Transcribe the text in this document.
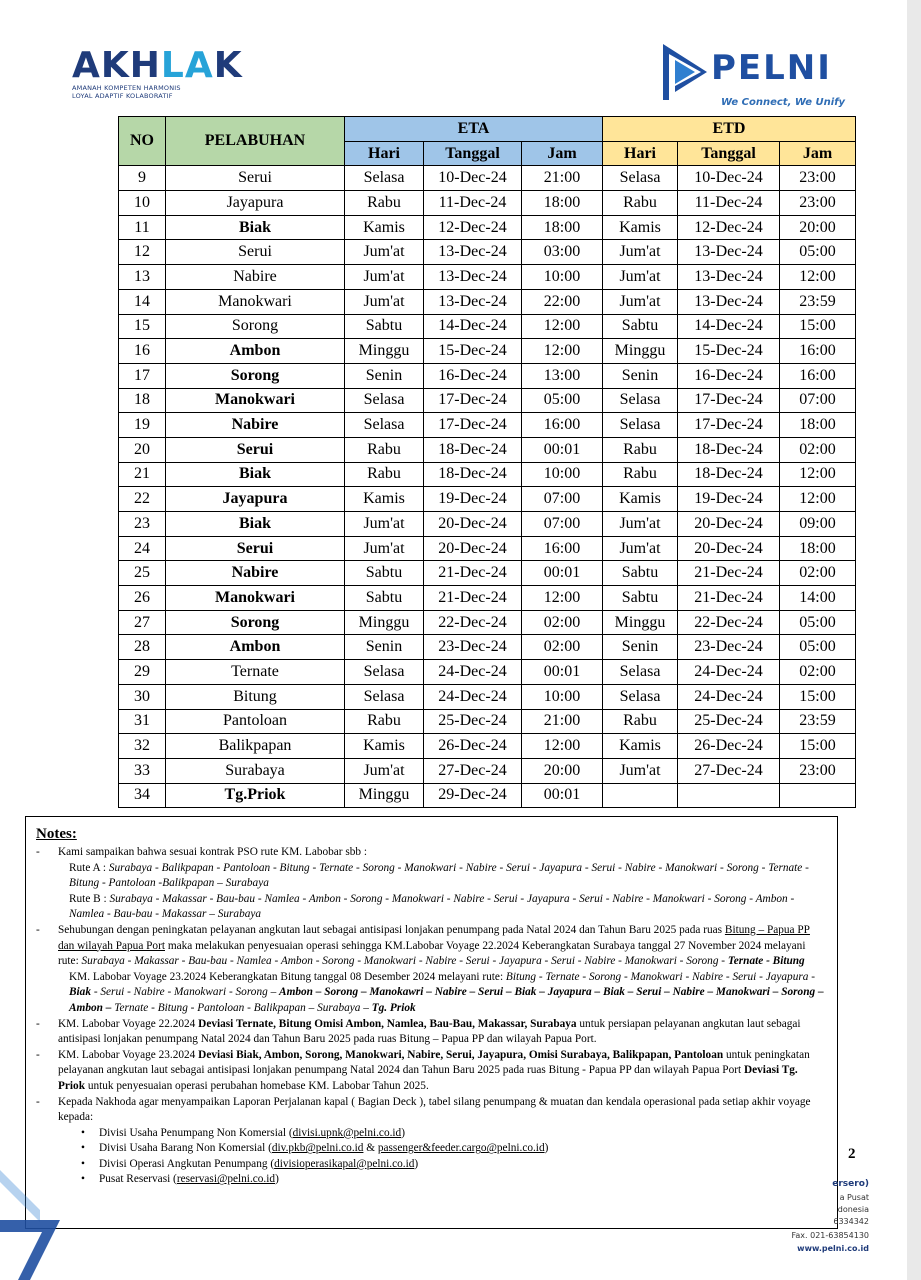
AKHLAK
AMANAH KOMPETEN HARMONIS
LOYAL ADAPTIF KOLABORATIF
PELNI
We Connect, We Unify
NO	PELABUHAN	ETA			ETD		
		Hari	Tanggal	Jam	Hari	Tanggal	Jam
9	Serui	Selasa	10-Dec-24	21:00	Selasa	10-Dec-24	23:00
10	Jayapura	Rabu	11-Dec-24	18:00	Rabu	11-Dec-24	23:00
11	Biak	Kamis	12-Dec-24	18:00	Kamis	12-Dec-24	20:00
12	Serui	Jum'at	13-Dec-24	03:00	Jum'at	13-Dec-24	05:00
13	Nabire	Jum'at	13-Dec-24	10:00	Jum'at	13-Dec-24	12:00
14	Manokwari	Jum'at	13-Dec-24	22:00	Jum'at	13-Dec-24	23:59
15	Sorong	Sabtu	14-Dec-24	12:00	Sabtu	14-Dec-24	15:00
16	Ambon	Minggu	15-Dec-24	12:00	Minggu	15-Dec-24	16:00
17	Sorong	Senin	16-Dec-24	13:00	Senin	16-Dec-24	16:00
18	Manokwari	Selasa	17-Dec-24	05:00	Selasa	17-Dec-24	07:00
19	Nabire	Selasa	17-Dec-24	16:00	Selasa	17-Dec-24	18:00
20	Serui	Rabu	18-Dec-24	00:01	Rabu	18-Dec-24	02:00
21	Biak	Rabu	18-Dec-24	10:00	Rabu	18-Dec-24	12:00
22	Jayapura	Kamis	19-Dec-24	07:00	Kamis	19-Dec-24	12:00
23	Biak	Jum'at	20-Dec-24	07:00	Jum'at	20-Dec-24	09:00
24	Serui	Jum'at	20-Dec-24	16:00	Jum'at	20-Dec-24	18:00
25	Nabire	Sabtu	21-Dec-24	00:01	Sabtu	21-Dec-24	02:00
26	Manokwari	Sabtu	21-Dec-24	12:00	Sabtu	21-Dec-24	14:00
27	Sorong	Minggu	22-Dec-24	02:00	Minggu	22-Dec-24	05:00
28	Ambon	Senin	23-Dec-24	02:00	Senin	23-Dec-24	05:00
29	Ternate	Selasa	24-Dec-24	00:01	Selasa	24-Dec-24	02:00
30	Bitung	Selasa	24-Dec-24	10:00	Selasa	24-Dec-24	15:00
31	Pantoloan	Rabu	25-Dec-24	21:00	Rabu	25-Dec-24	23:59
32	Balikpapan	Kamis	26-Dec-24	12:00	Kamis	26-Dec-24	15:00
33	Surabaya	Jum'at	27-Dec-24	20:00	Jum'at	27-Dec-24	23:00
34	Tg.Priok	Minggu	29-Dec-24	00:01			
Notes:
- Kami sampaikan bahwa sesuai kontrak PSO rute KM. Labobar sbb :
Rute A : Surabaya - Balikpapan - Pantoloan - Bitung - Ternate - Sorong - Manokwari - Nabire - Serui - Jayapura - Serui - Nabire - Manokwari - Sorong - Ternate - Bitung - Pantoloan -Balikpapan – Surabaya
Rute B : Surabaya - Makassar - Bau-bau - Namlea - Ambon - Sorong - Manokwari - Nabire - Serui - Jayapura - Serui - Nabire - Manokwari - Sorong - Ambon - Namlea - Bau-bau - Makassar – Surabaya
- Sehubungan dengan peningkatan pelayanan angkutan laut sebagai antisipasi lonjakan penumpang pada Natal 2024 dan Tahun Baru 2025 pada ruas Bitung – Papua PP dan wilayah Papua Port maka melakukan penyesuaian operasi sehingga KM.Labobar Voyage 22.2024 Keberangkatan Surabaya tanggal 27 November 2024 melayani rute: Surabaya - Makassar - Bau-bau - Namlea - Ambon - Sorong - Manokwari - Nabire - Serui - Jayapura - Serui - Nabire - Manokwari - Sorong - Ternate - Bitung
KM. Labobar Voyage 23.2024 Keberangkatan Bitung tanggal 08 Desember 2024 melayani rute: Bitung - Ternate - Sorong - Manokwari - Nabire - Serui - Jayapura - Biak - Serui - Nabire - Manokwari - Sorong – Ambon – Sorong – Manokawri – Nabire – Serui – Biak – Jayapura – Biak – Serui – Nabire – Manokwari – Sorong – Ambon – Ternate - Bitung - Pantoloan - Balikpapan – Surabaya – Tg. Priok
- KM. Labobar Voyage 22.2024 Deviasi Ternate, Bitung Omisi Ambon, Namlea, Bau-Bau, Makassar, Surabaya untuk persiapan pelayanan angkutan laut sebagai antisipasi lonjakan penumpang Natal 2024 dan Tahun Baru 2025 pada ruas Bitung – Papua PP dan wilayah Papua Port.
- KM. Labobar Voyage 23.2024 Deviasi Biak, Ambon, Sorong, Manokwari, Nabire, Serui, Jayapura, Omisi Surabaya, Balikpapan, Pantoloan untuk peningkatan pelayanan angkutan laut sebagai antisipasi lonjakan penumpang Natal 2024 dan Tahun Baru 2025 pada ruas Bitung - Papua PP dan wilayah Papua Port Deviasi Tg. Priok untuk penyesuaian operasi perubahan homebase KM. Labobar Tahun 2025.
- Kepada Nakhoda agar menyampaikan Laporan Perjalanan kapal ( Bagian Deck ), tabel silang penumpang & muatan dan kendala operasional pada setiap akhir voyage kepada:
• Divisi Usaha Penumpang Non Komersial (divisi.upnk@pelni.co.id)
• Divisi Usaha Barang Non Komersial (div.pkb@pelni.co.id & passenger&feeder.cargo@pelni.co.id)
• Divisi Operasi Angkutan Penumpang (divisioperasikapal@pelni.co.id)
• Pusat Reservasi (reservasi@pelni.co.id)
2
ersero)
a Pusat
donesia
6334342
Fax. 021-63854130
www.pelni.co.id
